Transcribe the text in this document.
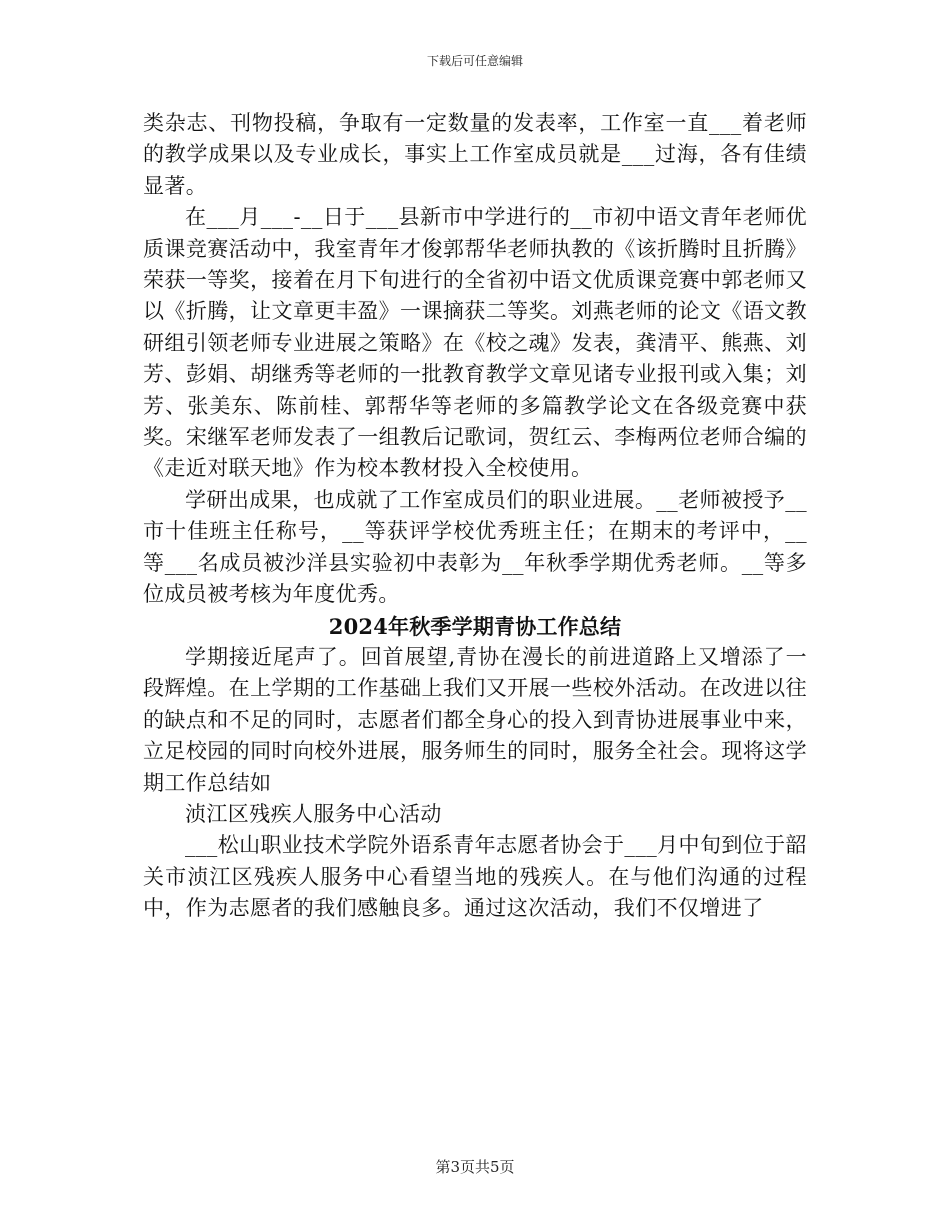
下载后可任意编辑

类杂志、刊物投稿，争取有一定数量的发表率，工作室一直___着老师的教学成果以及专业成长，事实上工作室成员就是___过海，各有佳绩显著。

在___月___-__日于___县新市中学进行的__市初中语文青年老师优质课竞赛活动中，我室青年才俊郭帮华老师执教的《该折腾时且折腾》荣获一等奖，接着在月下旬进行的全省初中语文优质课竞赛中郭老师又以《折腾，让文章更丰盈》一课摘获二等奖。刘燕老师的论文《语文教研组引领老师专业进展之策略》在《校之魂》发表，龚清平、熊燕、刘芳、彭娟、胡继秀等老师的一批教育教学文章见诸专业报刊或入集；刘芳、张美东、陈前桂、郭帮华等老师的多篇教学论文在各级竞赛中获奖。宋继军老师发表了一组教后记歌词，贺红云、李梅两位老师合编的《走近对联天地》作为校本教材投入全校使用。

学研出成果，也成就了工作室成员们的职业进展。__老师被授予__市十佳班主任称号，__等获评学校优秀班主任；在期末的考评中，__等___名成员被沙洋县实验初中表彰为__年秋季学期优秀老师。__等多位成员被考核为年度优秀。

2024年秋季学期青协工作总结

学期接近尾声了。回首展望,青协在漫长的前进道路上又增添了一段辉煌。在上学期的工作基础上我们又开展一些校外活动。在改进以往的缺点和不足的同时，志愿者们都全身心的投入到青协进展事业中来，立足校园的同时向校外进展，服务师生的同时，服务全社会。现将这学期工作总结如

浈江区残疾人服务中心活动

___松山职业技术学院外语系青年志愿者协会于___月中旬到位于韶关市浈江区残疾人服务中心看望当地的残疾人。在与他们沟通的过程中，作为志愿者的我们感触良多。通过这次活动，我们不仅增进了

第3页共5页
